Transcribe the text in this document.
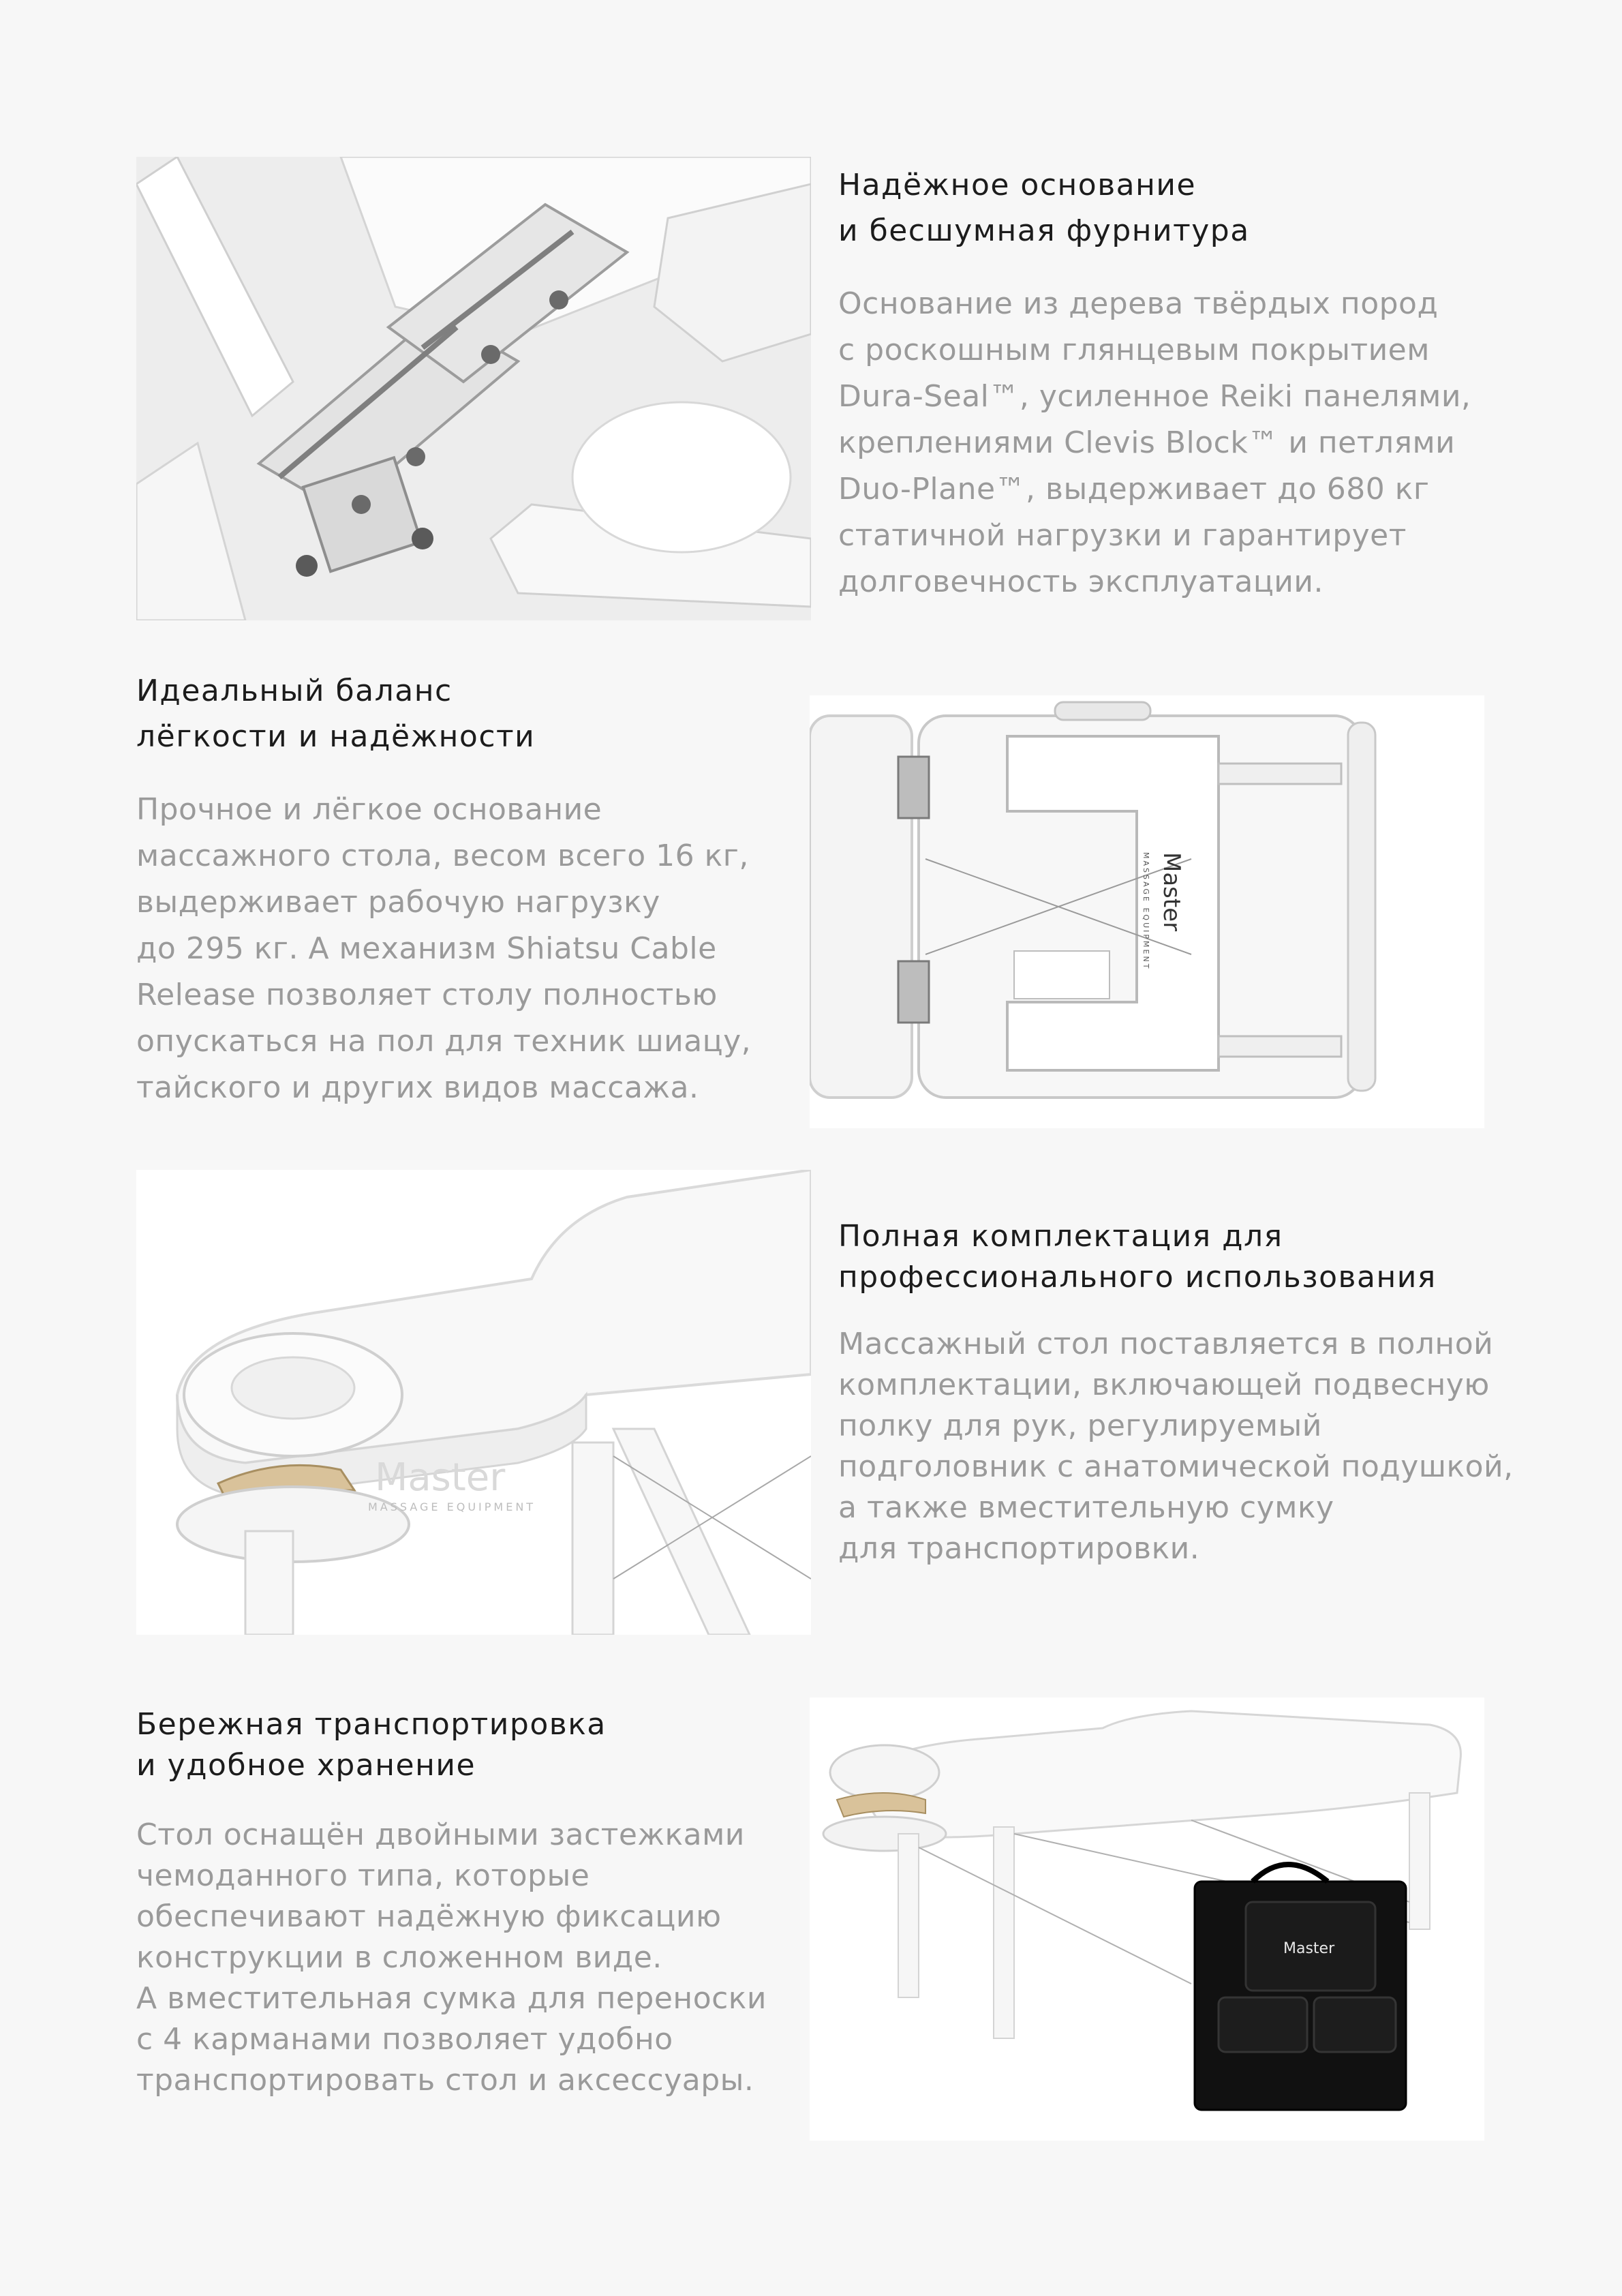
Надёжное основание
и бесшумная фурнитура

Основание из дерева твёрдых пород
с роскошным глянцевым покрытием
Dura-Seal™, усиленное Reiki панелями,
креплениями Clevis Block™ и петлями
Duo-Plane™, выдерживает до 680 кг
статичной нагрузки и гарантирует
долговечность эксплуатации.

Идеальный баланс
лёгкости и надёжности

Прочное и лёгкое основание
массажного стола, весом всего 16 кг,
выдерживает рабочую нагрузку
до 295 кг. А механизм Shiatsu Cable
Release позволяет столу полностью
опускаться на пол для техник шиацу,
тайского и других видов массажа.

Master
MASSAGE EQUIPMENT
Master
MASSAGE EQUIPMENT
Полная комплектация для
профессионального использования

Массажный стол поставляется в полной
комплектации, включающей подвесную
полку для рук, регулируемый
подголовник с анатомической подушкой,
а также вместительную сумку
для транспортировки.

Бережная транспортировка
и удобное хранение

Стол оснащён двойными застежками
чемоданного типа, которые
обеспечивают надёжную фиксацию
конструкции в сложенном виде.
А вместительная сумка для переноски
с 4 карманами позволяет удобно
транспортировать стол и аксессуары.

Master
